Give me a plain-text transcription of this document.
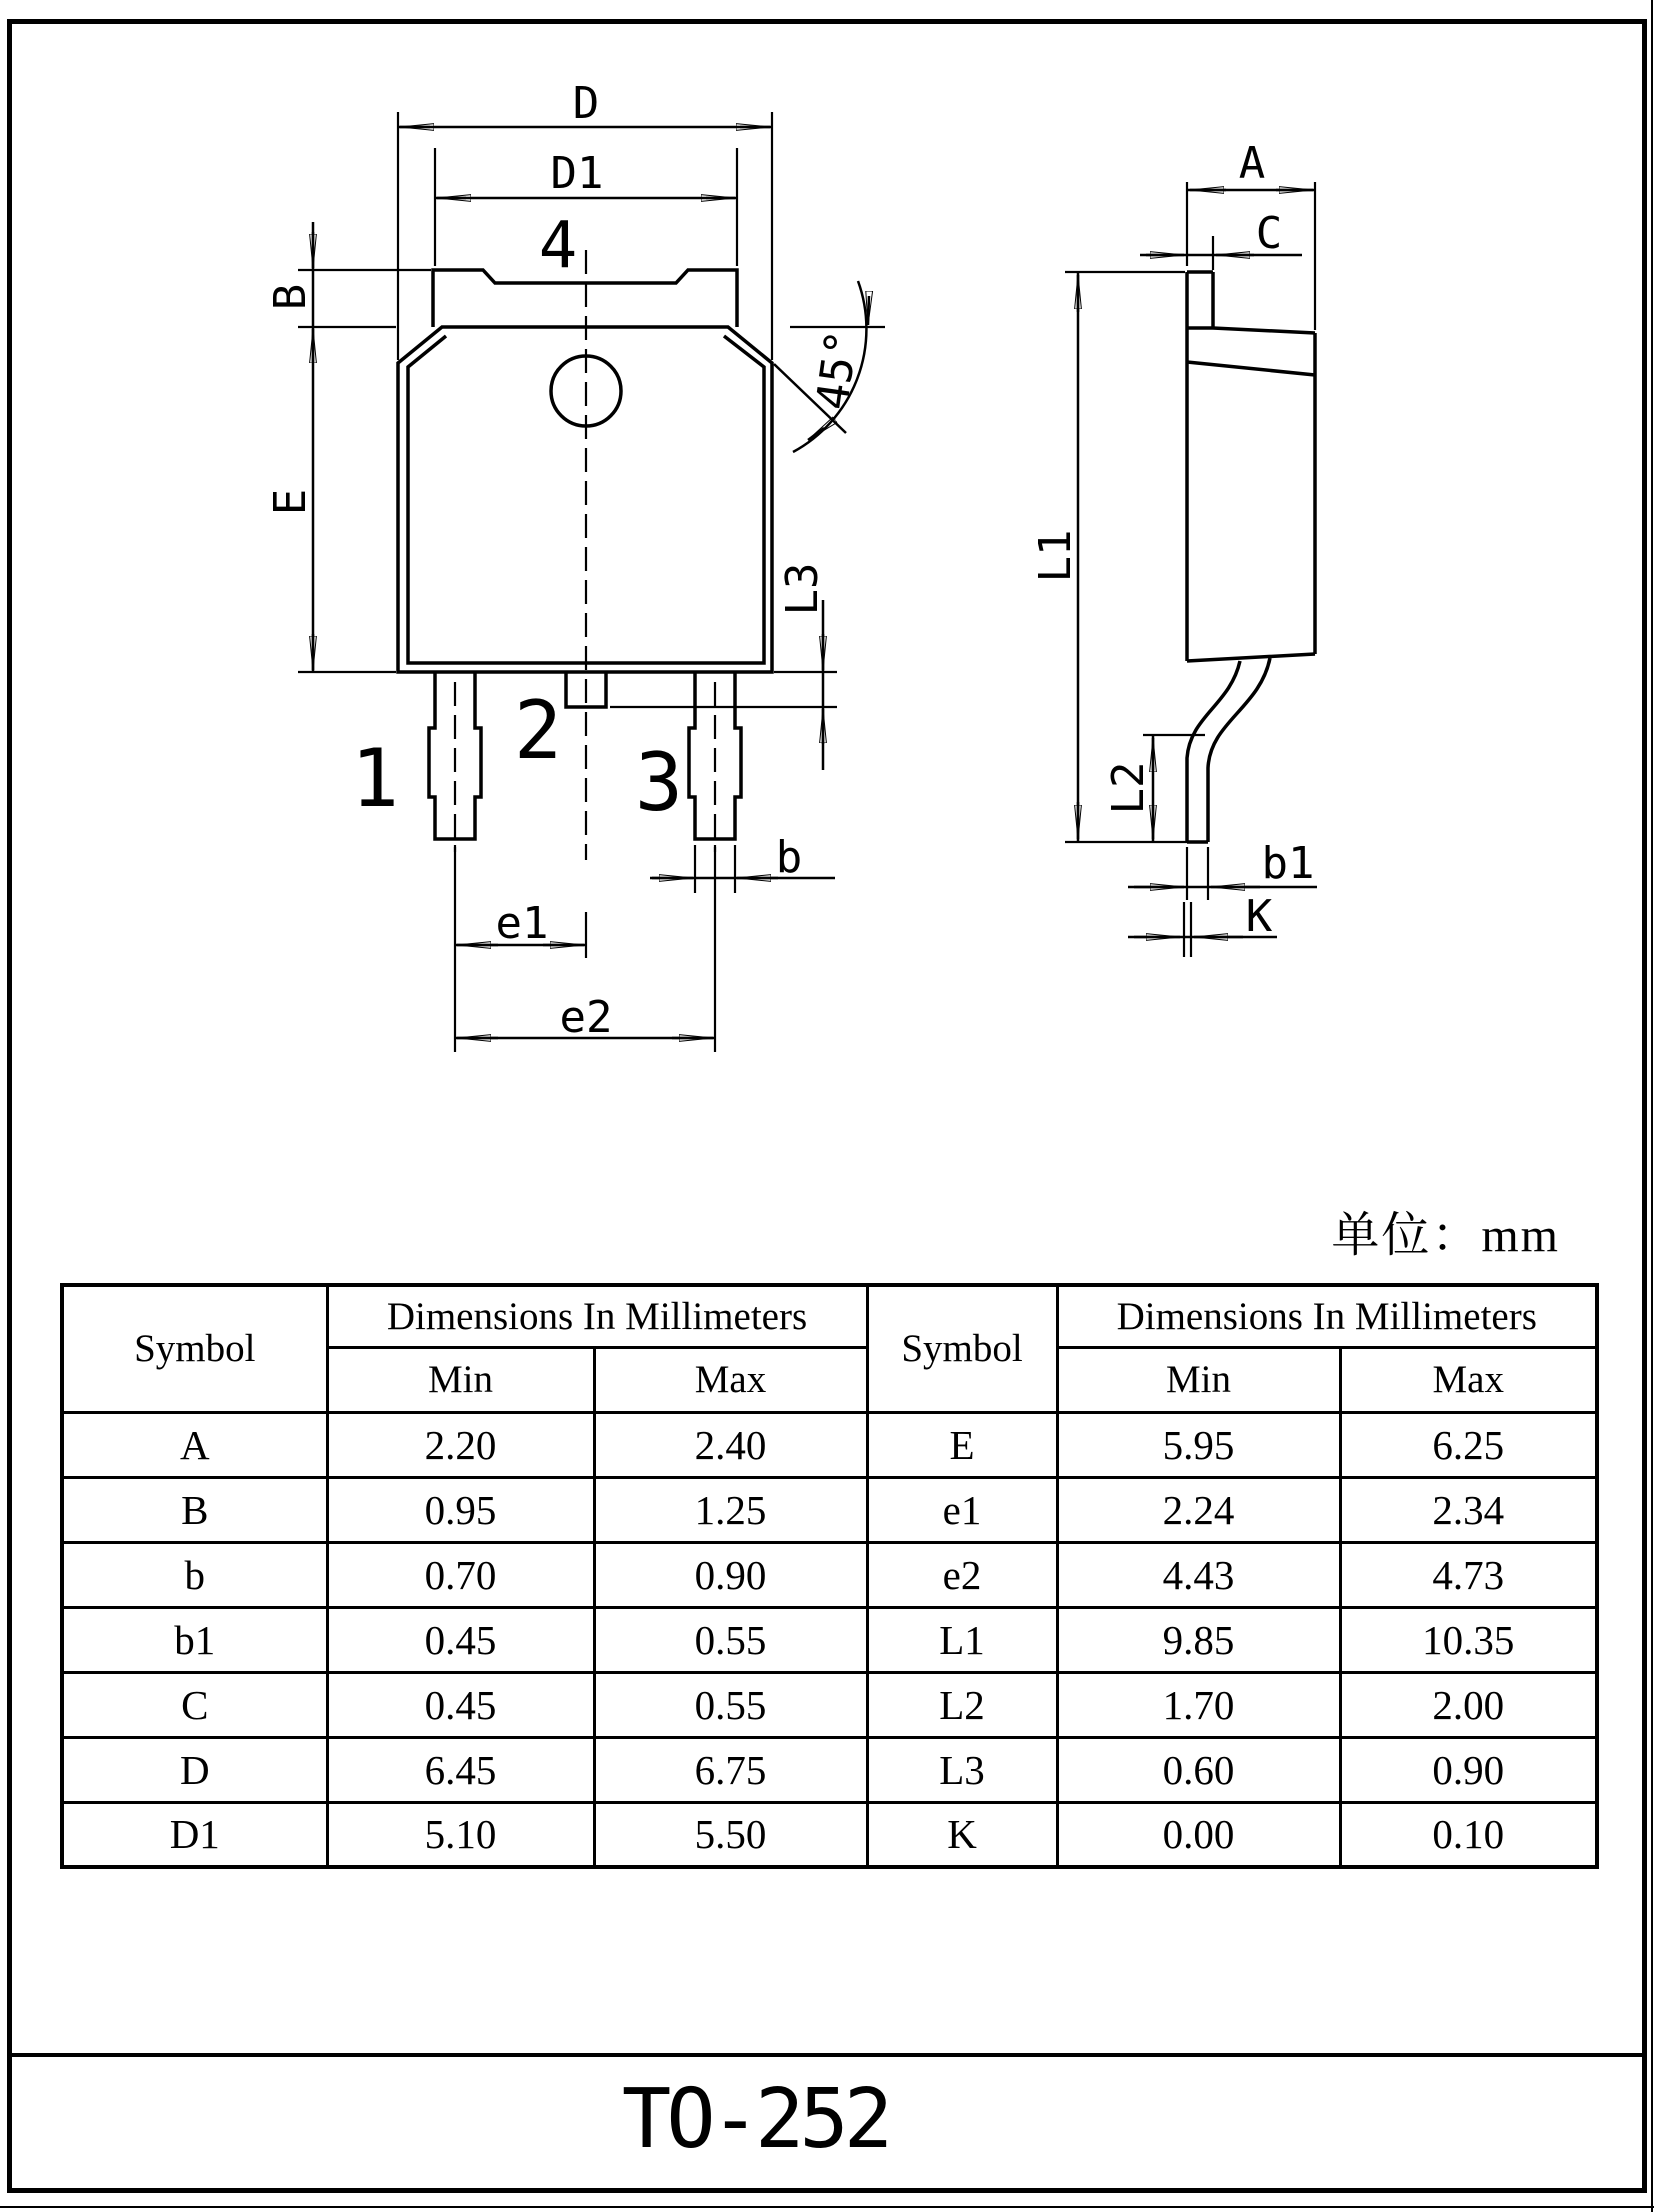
D
D1
B
E
45°
L3
b
e1
e2
1
2
3
4
A
C
L1
L2
b1
K
单位：mm
Symbol	Dimensions In Millimeters		Symbol	Dimensions In Millimeters	
	Min	Max		Min	Max
A	2.20	2.40	E	5.95	6.25
B	0.95	1.25	e1	2.24	2.34
b	0.70	0.90	e2	4.43	4.73
b1	0.45	0.55	L1	9.85	10.35
C	0.45	0.55	L2	1.70	2.00
D	6.45	6.75	L3	0.60	0.90
D1	5.10	5.50	K	0.00	0.10
TO-252
